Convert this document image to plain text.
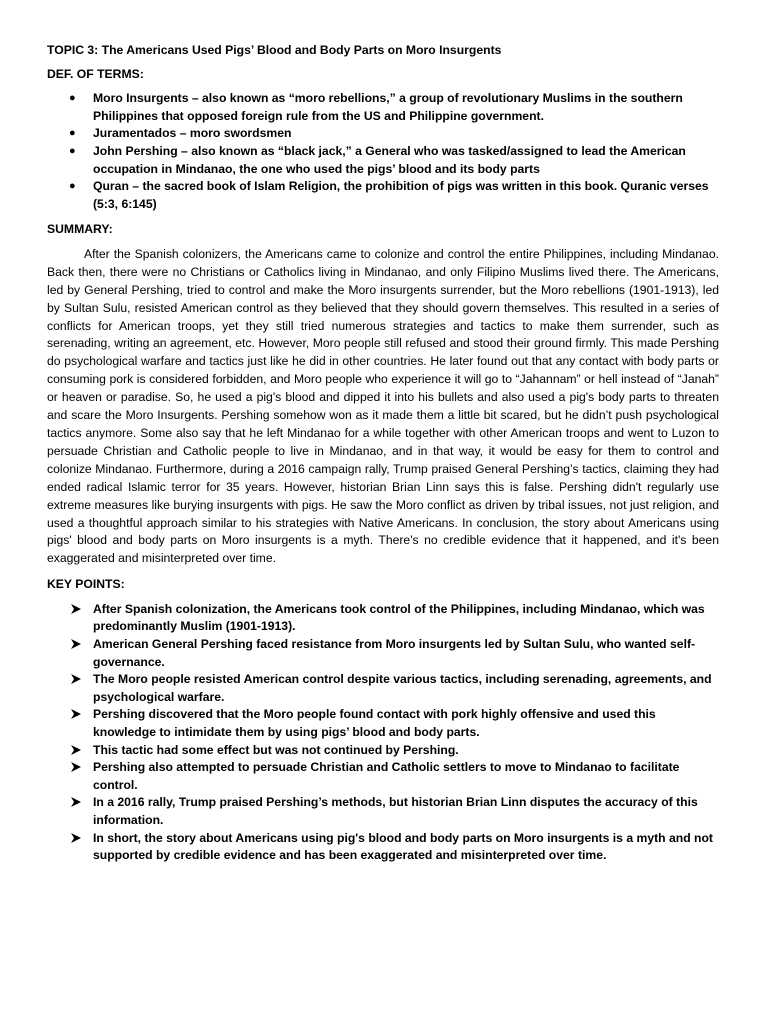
TOPIC 3: The Americans Used Pigs’ Blood and Body Parts on Moro Insurgents

DEF. OF TERMS:

● Moro Insurgents – also known as “moro rebellions,” a group of revolutionary Muslims in the southern Philippines that opposed foreign rule from the US and Philippine government.
● Juramentados – moro swordsmen
● John Pershing – also known as “black jack,” a General who was tasked/assigned to lead the American occupation in Mindanao, the one who used the pigs’ blood and its body parts
● Quran – the sacred book of Islam Religion, the prohibition of pigs was written in this book. Quranic verses (5:3, 6:145)

SUMMARY:

After the Spanish colonizers, the Americans came to colonize and control the entire Philippines, including Mindanao. Back then, there were no Christians or Catholics living in Mindanao, and only Filipino Muslims lived there. The Americans, led by General Pershing, tried to control and make the Moro insurgents surrender, but the Moro rebellions (1901-1913), led by Sultan Sulu, resisted American control as they believed that they should govern themselves. This resulted in a series of conflicts for American troops, yet they still tried numerous strategies and tactics to make them surrender, such as serenading, writing an agreement, etc. However, Moro people still refused and stood their ground firmly. This made Pershing do psychological warfare and tactics just like he did in other countries. He later found out that any contact with body parts or consuming pork is considered forbidden, and Moro people who experience it will go to “Jahannam” or hell instead of “Janah” or heaven or paradise. So, he used a pig's blood and dipped it into his bullets and also used a pig's body parts to threaten and scare the Moro Insurgents. Pershing somehow won as it made them a little bit scared, but he didn’t push psychological tactics anymore. Some also say that he left Mindanao for a while together with other American troops and went to Luzon to persuade Christian and Catholic people to live in Mindanao, and in that way, it would be easy for them to control and colonize Mindanao. Furthermore, during a 2016 campaign rally, Trump praised General Pershing’s tactics, claiming they had ended radical Islamic terror for 35 years. However, historian Brian Linn says this is false. Pershing didn't regularly use extreme measures like burying insurgents with pigs. He saw the Moro conflict as driven by tribal issues, not just religion, and used a thoughtful approach similar to his strategies with Native Americans. In conclusion, the story about Americans using pigs' blood and body parts on Moro insurgents is a myth. There's no credible evidence that it happened, and it's been exaggerated and misinterpreted over time.

KEY POINTS:

After Spanish colonization, the Americans took control of the Philippines, including Mindanao, which was predominantly Muslim (1901-1913).
American General Pershing faced resistance from Moro insurgents led by Sultan Sulu, who wanted self-governance.
The Moro people resisted American control despite various tactics, including serenading, agreements, and psychological warfare.
Pershing discovered that the Moro people found contact with pork highly offensive and used this knowledge to intimidate them by using pigs’ blood and body parts.
This tactic had some effect but was not continued by Pershing.
Pershing also attempted to persuade Christian and Catholic settlers to move to Mindanao to facilitate control.
In a 2016 rally, Trump praised Pershing’s methods, but historian Brian Linn disputes the accuracy of this information.
In short, the story about Americans using pig's blood and body parts on Moro insurgents is a myth and not supported by credible evidence and has been exaggerated and misinterpreted over time.
